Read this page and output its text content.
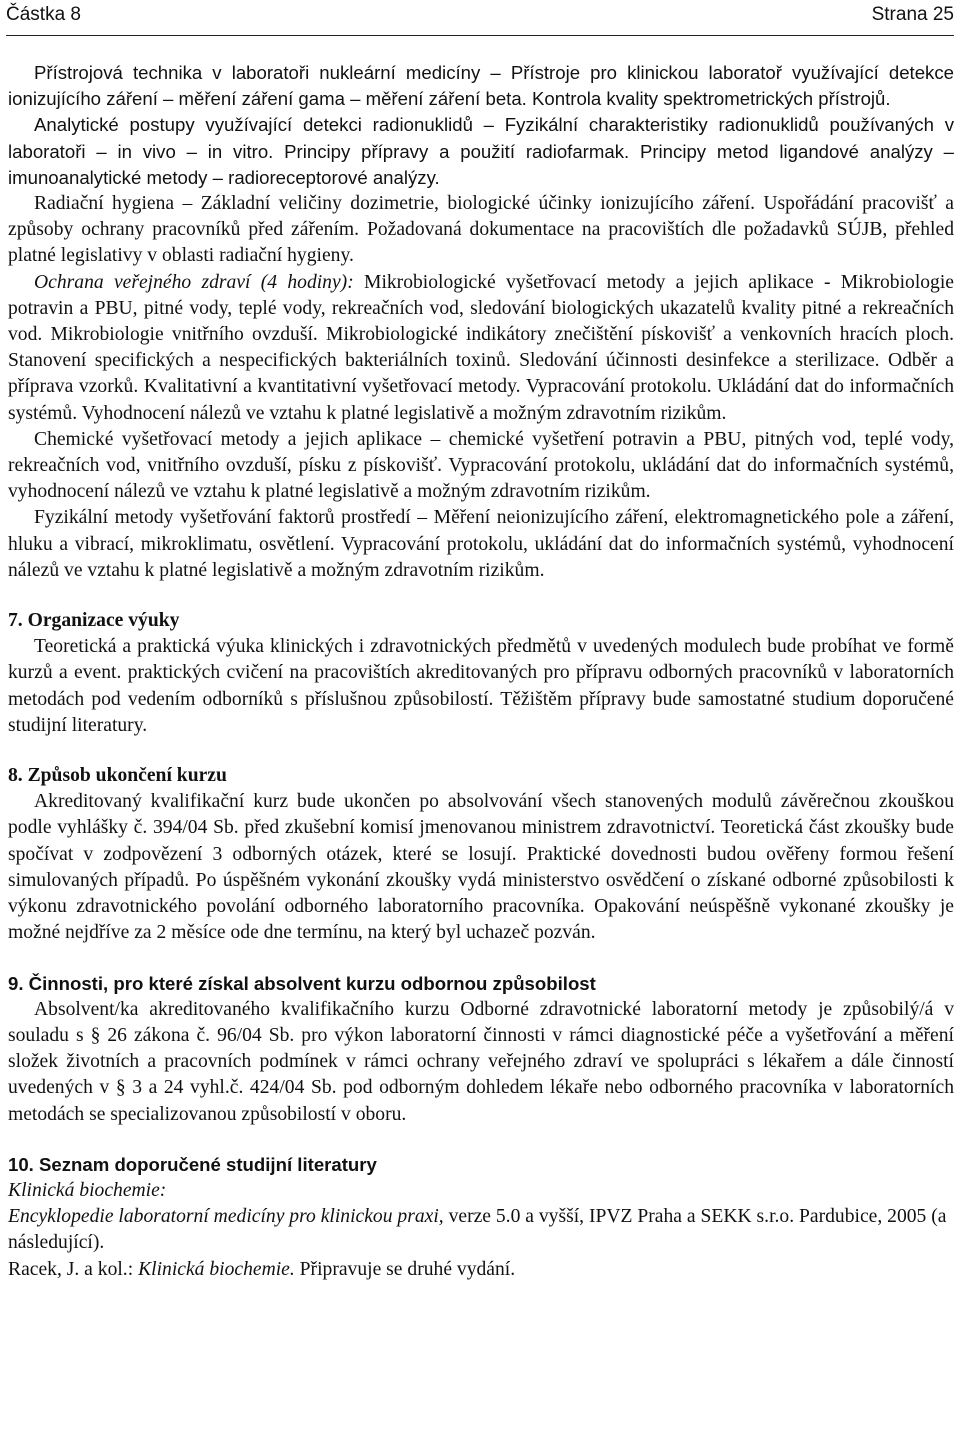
Částka 8	Strana 25

Přístrojová technika v laboratoři nukleární medicíny – Přístroje pro klinickou laboratoř využívající detekce ionizujícího záření – měření záření gama – měření záření beta. Kontrola kvality spektrometrických přístrojů.

Analytické postupy využívající detekci radionuklidů – Fyzikální charakteristiky radionuklidů používaných v laboratoři – in vivo – in vitro. Principy přípravy a použití radiofarmak. Principy metod ligandové analýzy – imunoanalytické metody – radioreceptorové analýzy.

Radiační hygiena – Základní veličiny dozimetrie, biologické účinky ionizujícího záření. Uspořádání pracovišť a způsoby ochrany pracovníků před zářením. Požadovaná dokumentace na pracovištích dle požadavků SÚJB, přehled platné legislativy v oblasti radiační hygieny.

Ochrana veřejného zdraví (4 hodiny): Mikrobiologické vyšetřovací metody a jejich aplikace - Mikrobiologie potravin a PBU, pitné vody, teplé vody, rekreačních vod, sledování biologických ukazatelů kvality pitné a rekreačních vod. Mikrobiologie vnitřního ovzduší. Mikrobiologické indikátory znečištění pískovišť a venkovních hracích ploch. Stanovení specifických a nespecifických bakteriálních toxinů. Sledování účinnosti desinfekce a sterilizace. Odběr a příprava vzorků. Kvalitativní a kvantitativní vyšetřovací metody. Vypracování protokolu. Ukládání dat do informačních systémů. Vyhodnocení nálezů ve vztahu k platné legislativě a možným zdravotním rizikům.

Chemické vyšetřovací metody a jejich aplikace – chemické vyšetření potravin a PBU, pitných vod, teplé vody, rekreačních vod, vnitřního ovzduší, písku z pískovišť. Vypracování protokolu, ukládání dat do informačních systémů, vyhodnocení nálezů ve vztahu k platné legislativě a možným zdravotním rizikům.

Fyzikální metody vyšetřování faktorů prostředí – Měření neionizujícího záření, elektromagnetického pole a záření, hluku a vibrací, mikroklimatu, osvětlení. Vypracování protokolu, ukládání dat do informačních systémů, vyhodnocení nálezů ve vztahu k platné legislativě a možným zdravotním rizikům.

7. Organizace výuky

Teoretická a praktická výuka klinických i zdravotnických předmětů v uvedených modulech bude probíhat ve formě kurzů a event. praktických cvičení na pracovištích akreditovaných pro přípravu odborných pracovníků v laboratorních metodách pod vedením odborníků s příslušnou způsobilostí. Těžištěm přípravy bude samostatné studium doporučené studijní literatury.

8. Způsob ukončení kurzu

Akreditovaný kvalifikační kurz bude ukončen po absolvování všech stanovených modulů závěrečnou zkouškou podle vyhlášky č. 394/04 Sb. před zkušební komisí jmenovanou ministrem zdravotnictví. Teoretická část zkoušky bude spočívat v zodpovězení 3 odborných otázek, které se losují. Praktické dovednosti budou ověřeny formou řešení simulovaných případů. Po úspěšném vykonání zkoušky vydá ministerstvo osvědčení o získané odborné způsobilosti k výkonu zdravotnického povolání odborného laboratorního pracovníka. Opakování neúspěšně vykonané zkoušky je možné nejdříve za 2 měsíce ode dne termínu, na který byl uchazeč pozván.

9. Činnosti, pro které získal absolvent kurzu odbornou způsobilost

Absolvent/ka akreditovaného kvalifikačního kurzu Odborné zdravotnické laboratorní metody je způsobilý/á v souladu s § 26 zákona č. 96/04 Sb. pro výkon laboratorní činnosti v rámci diagnostické péče a vyšetřování a měření složek životních a pracovních podmínek v rámci ochrany veřejného zdraví ve spolupráci s lékařem a dále činností uvedených v § 3 a 24 vyhl.č. 424/04 Sb. pod odborným dohledem lékaře nebo odborného pracovníka v laboratorních metodách se specializovanou způsobilostí v oboru.

10. Seznam doporučené studijní literatury

Klinická biochemie:

Encyklopedie laboratorní medicíny pro klinickou praxi, verze 5.0 a vyšší, IPVZ Praha a SEKK s.r.o. Pardubice, 2005 (a následující).

Racek, J. a kol.: Klinická biochemie. Připravuje se druhé vydání.
